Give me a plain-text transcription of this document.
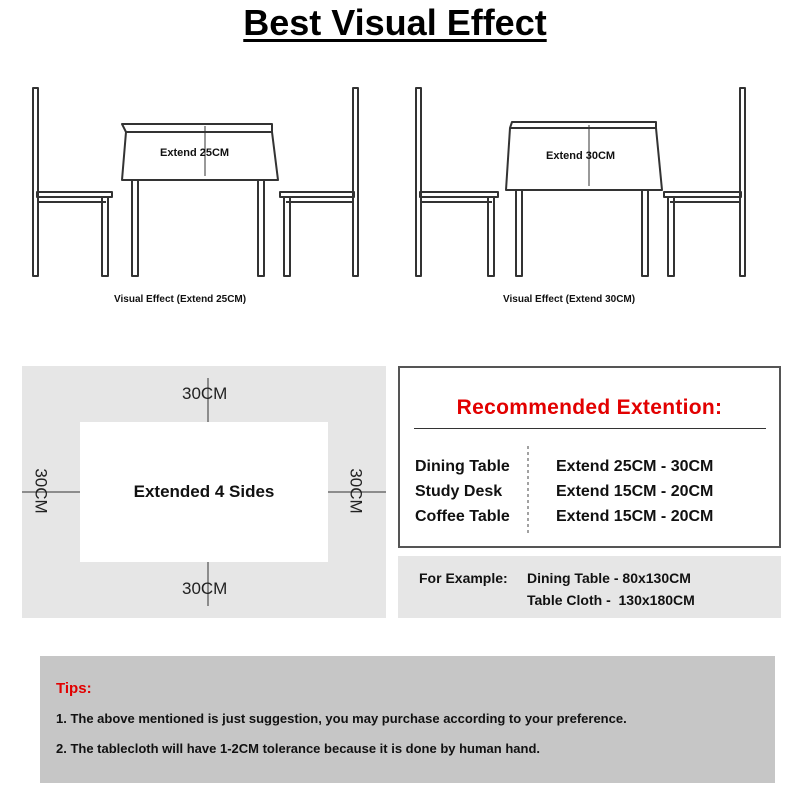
Best Visual Effect
Extend 25CM	Extend 30CM
Visual Effect (Extend 25CM)	Visual Effect (Extend 30CM)
30CM
30CM
30CM	30CM
Extended 4 Sides
Recommended Extention:
Dining Table	Extend 25CM - 30CM
Study Desk	Extend 15CM - 20CM
Coffee Table	Extend 15CM - 20CM
For Example: Dining Table - 80x130CM
Table Cloth -  130x180CM
Tips:
1. The above mentioned is just suggestion, you may purchase according to your preference.
2. The tablecloth will have 1-2CM tolerance because it is done by human hand.
